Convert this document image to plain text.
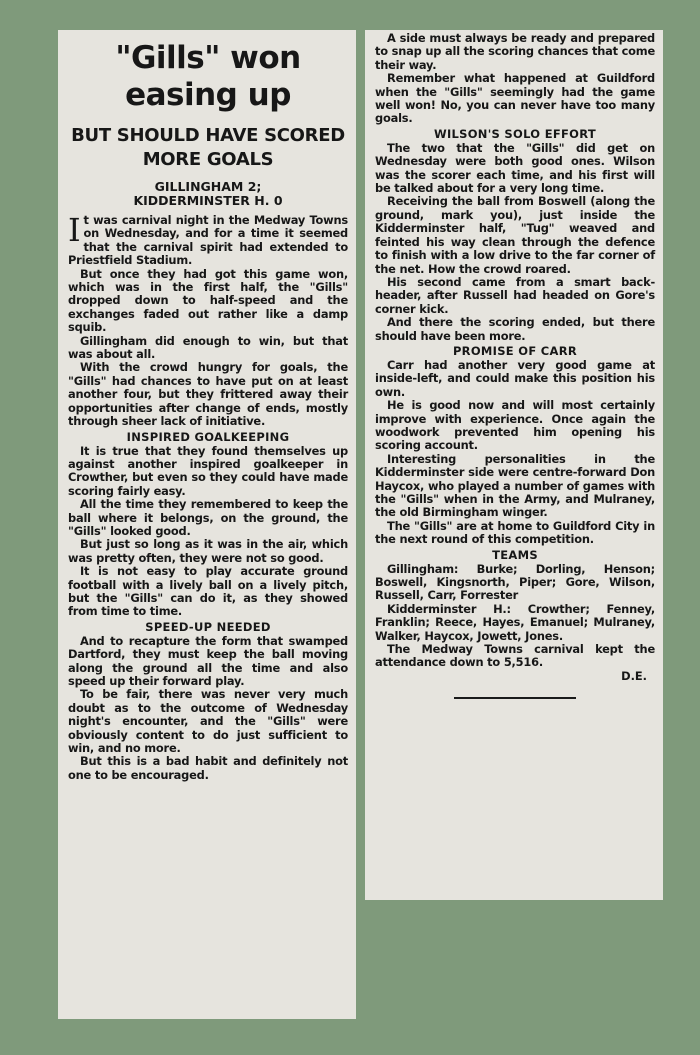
"Gills" won easing up
BUT SHOULD HAVE SCORED MORE GOALS
GILLINGHAM 2;
KIDDERMINSTER H. 0

It was carnival night in the Medway Towns on Wednesday, and for a time it seemed that the carnival spirit had extended to Priestfield Stadium.

But once they had got this game won, which was in the first half, the "Gills" dropped down to half-speed and the exchanges faded out rather like a damp squib.

Gillingham did enough to win, but that was about all.

With the crowd hungry for goals, the "Gills" had chances to have put on at least another four, but they frittered away their opportunities after change of ends, mostly through sheer lack of initiative.

INSPIRED GOALKEEPING

It is true that they found themselves up against another inspired goalkeeper in Crowther, but even so they could have made scoring fairly easy.

All the time they remembered to keep the ball where it belongs, on the ground, the "Gills" looked good.

But just so long as it was in the air, which was pretty often, they were not so good.

It is not easy to play accurate ground football with a lively ball on a lively pitch, but the "Gills" can do it, as they showed from time to time.

SPEED-UP NEEDED

And to recapture the form that swamped Dartford, they must keep the ball moving along the ground all the time and also speed up their forward play.

To be fair, there was never very much doubt as to the outcome of Wednesday night's encounter, and the "Gills" were obviously content to do just sufficient to win, and no more.

But this is a bad habit and definitely not one to be encouraged.

A side must always be ready and prepared to snap up all the scoring chances that come their way.

Remember what happened at Guildford when the "Gills" seemingly had the game well won! No, you can never have too many goals.

WILSON'S SOLO EFFORT

The two that the "Gills" did get on Wednesday were both good ones. Wilson was the scorer each time, and his first will be talked about for a very long time.

Receiving the ball from Boswell (along the ground, mark you), just inside the Kidderminster half, "Tug" weaved and feinted his way clean through the defence to finish with a low drive to the far corner of the net. How the crowd roared.

His second came from a smart back-header, after Russell had headed on Gore's corner kick.

And there the scoring ended, but there should have been more.

PROMISE OF CARR

Carr had another very good game at inside-left, and could make this position his own.

He is good now and will most certainly improve with experience. Once again the woodwork prevented him opening his scoring account.

Interesting personalities in the Kidderminster side were centre-forward Don Haycox, who played a number of games with the "Gills" when in the Army, and Mulraney, the old Birmingham winger.

The "Gills" are at home to Guildford City in the next round of this competition.

TEAMS

Gillingham: Burke; Dorling, Henson; Boswell, Kingsnorth, Piper; Gore, Wilson, Russell, Carr, Forrester

Kidderminster H.: Crowther; Fenney, Franklin; Reece, Hayes, Emanuel; Mulraney, Walker, Haycox, Jowett, Jones.

The Medway Towns carnival kept the attendance down to 5,516.

D.E.
